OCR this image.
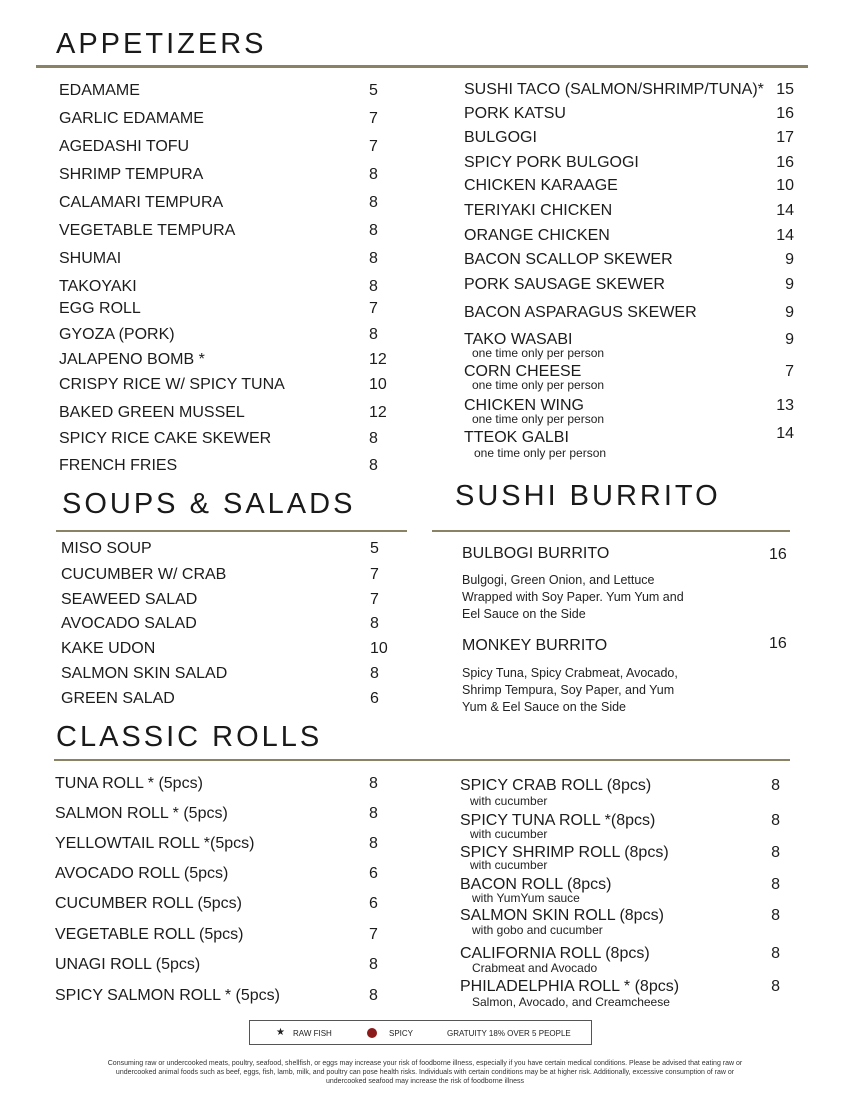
APPETIZERS
EDAMAME	5
GARLIC EDAMAME	7
AGEDASHI TOFU	7
SHRIMP TEMPURA	8
CALAMARI TEMPURA	8
VEGETABLE TEMPURA	8
SHUMAI	8
TAKOYAKI	8
EGG ROLL	7
GYOZA (PORK)	8
JALAPENO BOMB *	12
CRISPY RICE W/ SPICY TUNA	10
BAKED GREEN MUSSEL	12
SPICY RICE CAKE SKEWER	8
FRENCH FRIES	8
SUSHI TACO (SALMON/SHRIMP/TUNA)* 15
PORK KATSU	16
BULGOGI	17
SPICY PORK BULGOGI	16
CHICKEN KARAAGE	10
TERIYAKI CHICKEN	14
ORANGE CHICKEN	14
BACON SCALLOP SKEWER	9
PORK SAUSAGE SKEWER	9
BACON ASPARAGUS SKEWER	9
TAKO WASABI	9
one time only per person
CORN CHEESE	7
one time only per person
CHICKEN WING	13
one time only per person
TTEOK GALBI	14
one time only per person
SOUPS & SALADS
MISO SOUP	5
CUCUMBER W/ CRAB	7
SEAWEED SALAD	7
AVOCADO SALAD	8
KAKE UDON	10
SALMON SKIN SALAD	8
GREEN SALAD	6
SUSHI BURRITO
BULBOGI BURRITO	16
Bulgogi, Green Onion, and Lettuce Wrapped with Soy Paper. Yum Yum and Eel Sauce on the Side
MONKEY BURRITO	16
Spicy Tuna, Spicy Crabmeat, Avocado, Shrimp Tempura, Soy Paper, and Yum Yum & Eel Sauce on the Side
CLASSIC ROLLS
TUNA ROLL * (5pcs)	8
SALMON ROLL * (5pcs)	8
YELLOWTAIL ROLL *(5pcs)	8
AVOCADO ROLL (5pcs)	6
CUCUMBER ROLL (5pcs)	6
VEGETABLE ROLL (5pcs)	7
UNAGI ROLL (5pcs)	8
SPICY SALMON ROLL * (5pcs)	8
SPICY CRAB ROLL (8pcs)	8
with cucumber
SPICY TUNA ROLL *(8pcs)	8
with cucumber
SPICY SHRIMP ROLL (8pcs)	8
with cucumber
BACON ROLL (8pcs)	8
with YumYum sauce
SALMON SKIN ROLL (8pcs)	8
with gobo and cucumber
CALIFORNIA ROLL (8pcs)	8
Crabmeat and Avocado
PHILADELPHIA ROLL * (8pcs)	8
Salmon, Avocado, and Creamcheese
★ RAW FISH	SPICY	GRATUITY 18% OVER 5 PEOPLE
Consuming raw or undercooked meats, poultry, seafood, shellfish, or eggs may increase your risk of foodborne illness, especially if you have certain medical conditions. Please be advised that eating raw or undercooked animal foods such as beef, eggs, fish, lamb, milk, and poultry can pose health risks. Individuals with certain conditions may be at higher risk. Additionally, excessive consumption of raw or undercooked seafood may increase the risk of foodborne illness
